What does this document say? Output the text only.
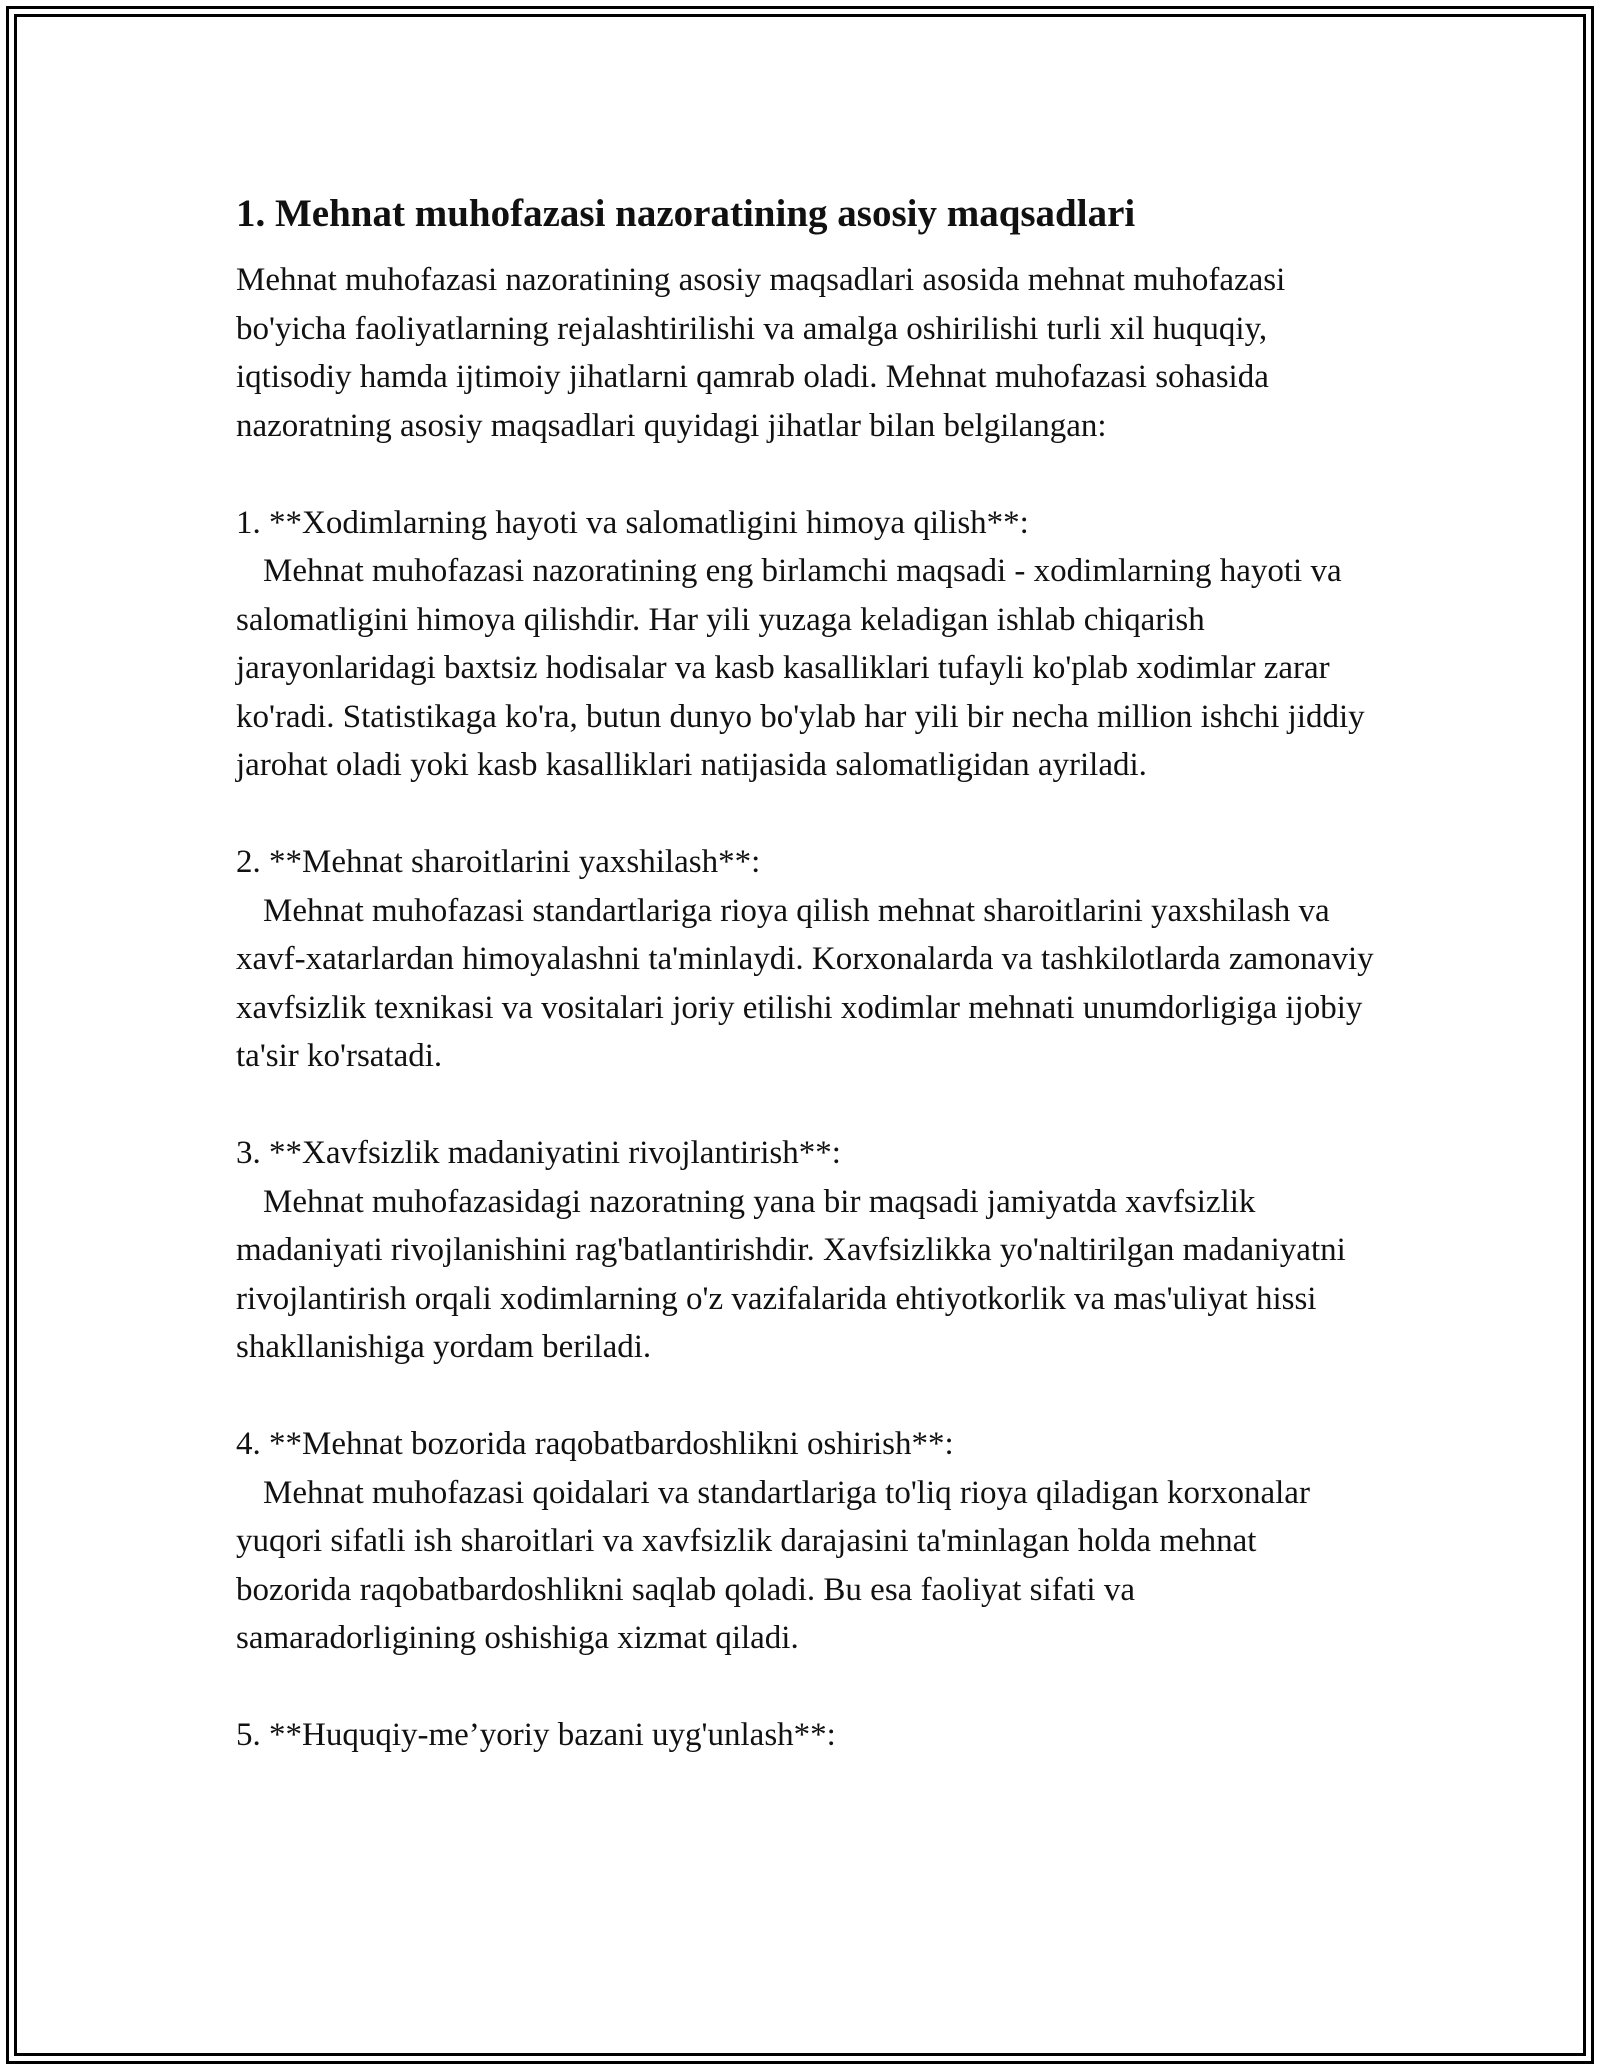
1. Mehnat muhofazasi nazoratining asosiy maqsadlari

Mehnat muhofazasi nazoratining asosiy maqsadlari asosida mehnat muhofazasi bo'yicha faoliyatlarning rejalashtirilishi va amalga oshirilishi turli xil huquqiy, iqtisodiy hamda ijtimoiy jihatlarni qamrab oladi. Mehnat muhofazasi sohasida nazoratning asosiy maqsadlari quyidagi jihatlar bilan belgilangan:

1. **Xodimlarning hayoti va salomatligini himoya qilish**:
Mehnat muhofazasi nazoratining eng birlamchi maqsadi - xodimlarning hayoti va salomatligini himoya qilishdir. Har yili yuzaga keladigan ishlab chiqarish jarayonlaridagi baxtsiz hodisalar va kasb kasalliklari tufayli ko'plab xodimlar zarar ko'radi. Statistikaga ko'ra, butun dunyo bo'ylab har yili bir necha million ishchi jiddiy jarohat oladi yoki kasb kasalliklari natijasida salomatligidan ayriladi.
2. **Mehnat sharoitlarini yaxshilash**:
Mehnat muhofazasi standartlariga rioya qilish mehnat sharoitlarini yaxshilash va xavf-xatarlardan himoyalashni ta'minlaydi. Korxonalarda va tashkilotlarda zamonaviy xavfsizlik texnikasi va vositalari joriy etilishi xodimlar mehnati unumdorligiga ijobiy ta'sir ko'rsatadi.
3. **Xavfsizlik madaniyatini rivojlantirish**:
Mehnat muhofazasidagi nazoratning yana bir maqsadi jamiyatda xavfsizlik madaniyati rivojlanishini rag'batlantirishdir. Xavfsizlikka yo'naltirilgan madaniyatni rivojlantirish orqali xodimlarning o'z vazifalarida ehtiyotkorlik va mas'uliyat hissi shakllanishiga yordam beriladi.
4. **Mehnat bozorida raqobatbardoshlikni oshirish**:
Mehnat muhofazasi qoidalari va standartlariga to'liq rioya qiladigan korxonalar yuqori sifatli ish sharoitlari va xavfsizlik darajasini ta'minlagan holda mehnat bozorida raqobatbardoshlikni saqlab qoladi. Bu esa faoliyat sifati va samaradorligining oshishiga xizmat qiladi.
5. **Huquqiy-me’yoriy bazani uyg'unlash**:
